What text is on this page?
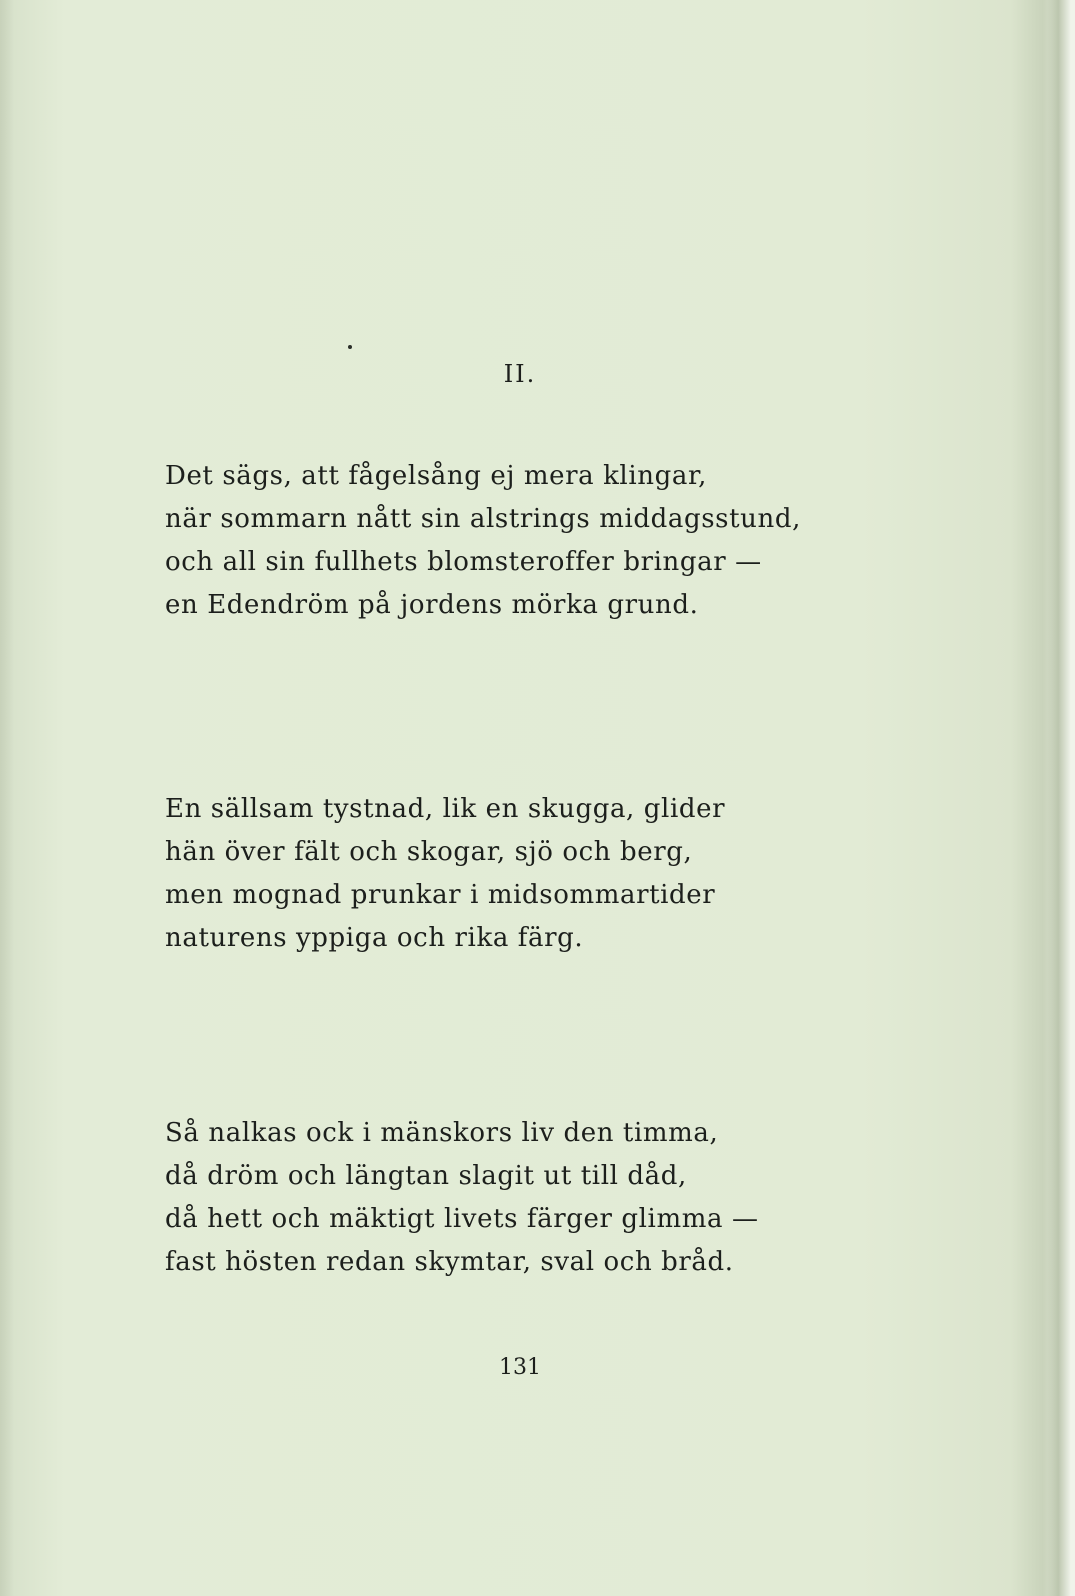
II.
Det sägs, att fågelsång ej mera klingar,
när sommarn nått sin alstrings middagsstund,
och all sin fullhets blomsteroffer bringar —
en Edendröm på jordens mörka grund.
En sällsam tystnad, lik en skugga, glider
hän över fält och skogar, sjö och berg,
men mognad prunkar i midsommartider
naturens yppiga och rika färg.
Så nalkas ock i mänskors liv den timma,
då dröm och längtan slagit ut till dåd,
då hett och mäktigt livets färger glimma —
fast hösten redan skymtar, sval och bråd.
131
